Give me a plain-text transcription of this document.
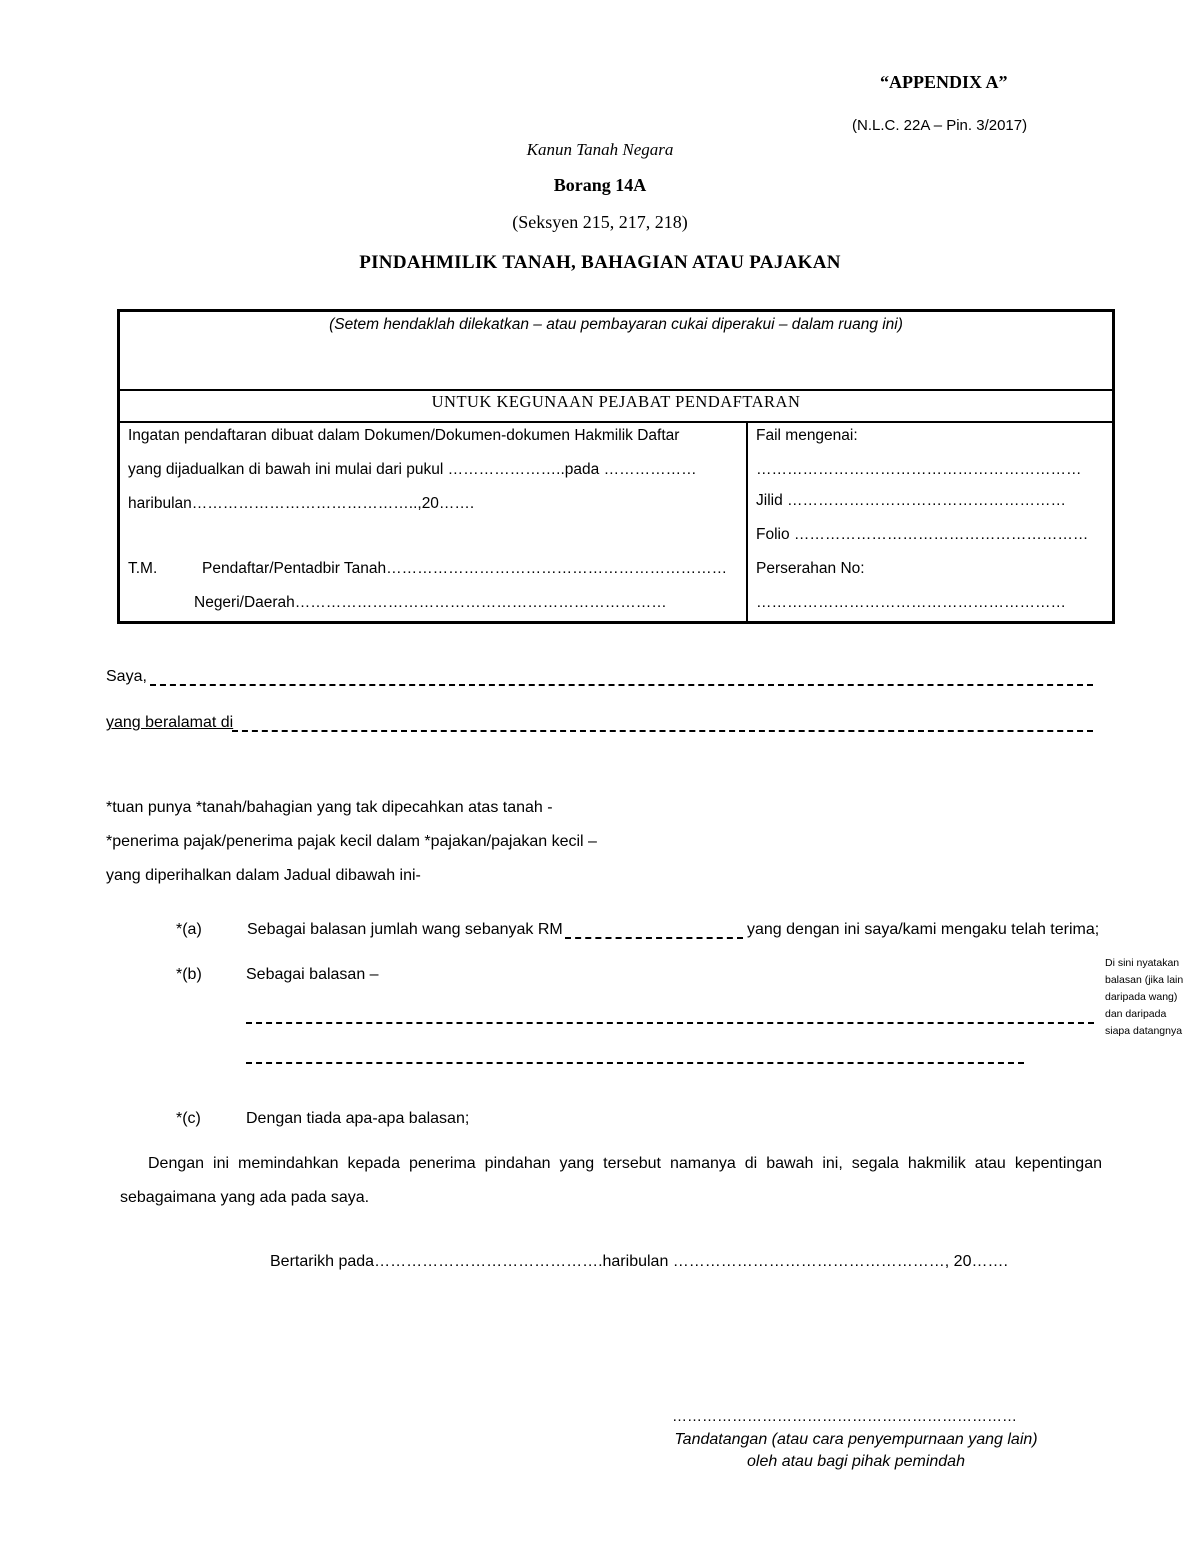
“APPENDIX A”
(N.L.C. 22A – Pin. 3/2017)
Kanun Tanah Negara
Borang 14A
(Seksyen 215, 217, 218)
PINDAHMILIK TANAH, BAHAGIAN ATAU PAJAKAN
(Setem hendaklah dilekatkan – atau pembayaran cukai diperakui – dalam ruang ini)
UNTUK KEGUNAAN PEJABAT PENDAFTARAN
Ingatan pendaftaran dibuat dalam Dokumen/Dokumen-dokumen Hakmilik Daftar
yang dijadualkan di bawah ini mulai dari pukul …………………..pada ………………
haribulan……………………………………..,20…….
T.M.	Pendaftar/Pentadbir Tanah…………………………………………………………
Negeri/Daerah………………………………………………………………
Fail mengenai:
………………………………………………………
Jilid ………………………………………………
Folio …………………………………………………
Perserahan No:
……………………………………………………
Saya,
yang beralamat di
*tuan punya *tanah/bahagian yang tak dipecahkan atas tanah -
*penerima pajak/penerima pajak kecil dalam *pajakan/pajakan kecil –
yang diperihalkan dalam Jadual dibawah ini-
*(a)	Sebagai balasan jumlah wang sebanyak RM	yang dengan ini saya/kami mengaku telah terima;
*(b)	Sebagai balasan –
Di sini nyatakan balasan (jika lain daripada wang) dan daripada siapa datangnya
*(c)	Dengan tiada apa-apa balasan;
Dengan ini memindahkan kepada penerima pindahan yang tersebut namanya di bawah ini, segala hakmilik atau kepentingan
sebagaimana yang ada pada saya.
Bertarikh pada…………………………………….haribulan ……………………………………………, 20…….
……………………………………………………………
Tandatangan (atau cara penyempurnaan yang lain)
oleh atau bagi pihak pemindah
